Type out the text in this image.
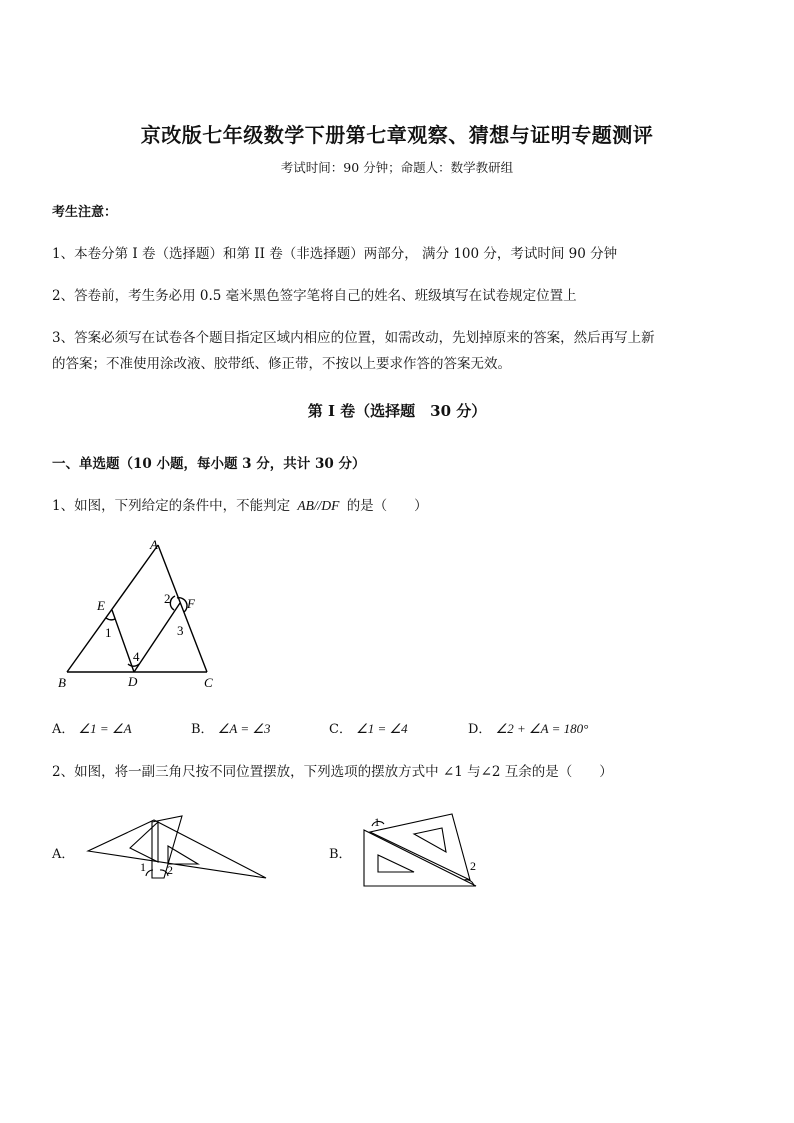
京改版七年级数学下册第七章观察、猜想与证明专题测评
考试时间：90 分钟；命题人：数学教研组
考生注意：
1、本卷分第 I 卷（选择题）和第 II 卷（非选择题）两部分， 满分 100 分，考试时间 90 分钟
2、答卷前，考生务必用 0.5 毫米黑色签字笔将自己的姓名、班级填写在试卷规定位置上
3、答案必须写在试卷各个题目指定区域内相应的位置，如需改动，先划掉原来的答案，然后再写上新
的答案；不准使用涂改液、胶带纸、修正带，不按以上要求作答的答案无效。
第 I 卷（选择题　30 分）
一、单选题（10 小题，每小题 3 分，共计 30 分）
1、如图，下列给定的条件中，不能判定 AB//DF 的是（　　）
A
B	C
D
E	F
1
2
3
4
A． ∠1 = ∠A	B． ∠A = ∠3	C． ∠1 = ∠4	D． ∠2 + ∠A = 180°
2、如图，将一副三角尺按不同位置摆放，下列选项的摆放方式中 ∠1 与∠2 互余的是（　　）
A．
1 2
B．
1
2
